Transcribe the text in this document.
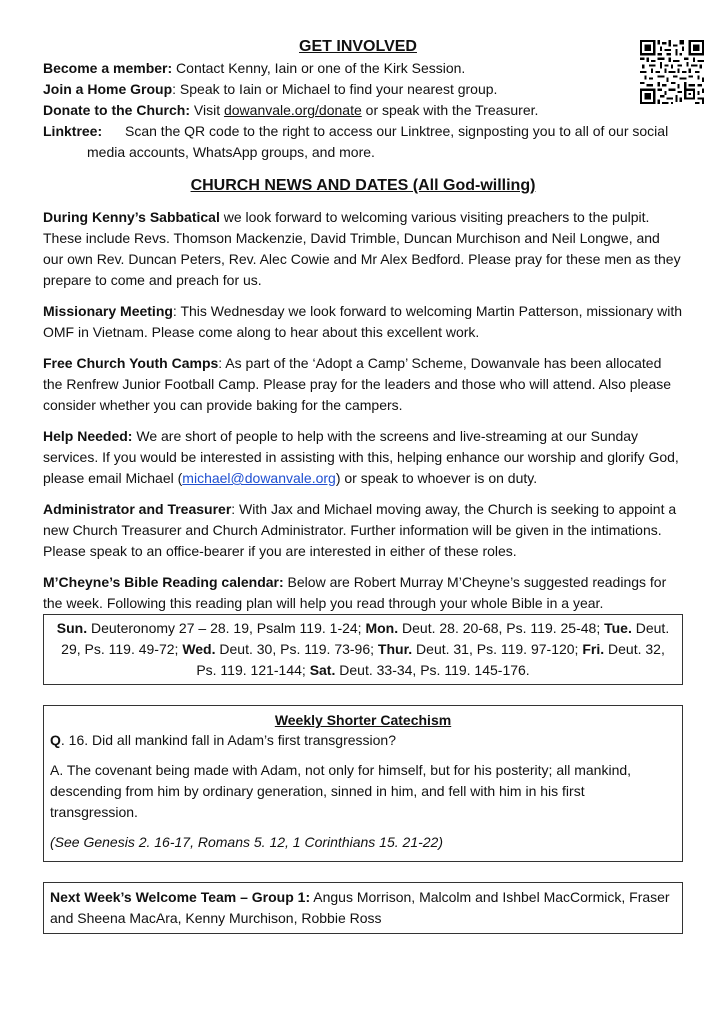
GET INVOLVED
Become a member: Contact Kenny, Iain or one of the Kirk Session.
Join a Home Group: Speak to Iain or Michael to find your nearest group.
Donate to the Church: Visit dowanvale.org/donate or speak with the Treasurer.
Linktree: Scan the QR code to the right to access our Linktree, signposting you to all of our social media accounts, WhatsApp groups, and more.
CHURCH NEWS AND DATES (All God-willing)

During Kenny’s Sabbatical we look forward to welcoming various visiting preachers to the pulpit. These include Revs. Thomson Mackenzie, David Trimble, Duncan Murchison and Neil Longwe, and our own Rev. Duncan Peters, Rev. Alec Cowie and Mr Alex Bedford. Please pray for these men as they prepare to come and preach for us.

Missionary Meeting: This Wednesday we look forward to welcoming Martin Patterson, missionary with OMF in Vietnam. Please come along to hear about this excellent work.

Free Church Youth Camps: As part of the ‘Adopt a Camp’ Scheme, Dowanvale has been allocated the Renfrew Junior Football Camp. Please pray for the leaders and those who will attend. Also please consider whether you can provide baking for the campers.

Help Needed: We are short of people to help with the screens and live-streaming at our Sunday services. If you would be interested in assisting with this, helping enhance our worship and glorify God, please email Michael (michael@dowanvale.org) or speak to whoever is on duty.

Administrator and Treasurer: With Jax and Michael moving away, the Church is seeking to appoint a new Church Treasurer and Church Administrator. Further information will be given in the intimations. Please speak to an office-bearer if you are interested in either of these roles.

M’Cheyne’s Bible Reading calendar: Below are Robert Murray M’Cheyne’s suggested readings for the week. Following this reading plan will help you read through your whole Bible in a year.

Sun. Deuteronomy 27 – 28. 19, Psalm 119. 1-24; Mon. Deut. 28. 20-68, Ps. 119. 25-48; Tue. Deut. 29, Ps. 119. 49-72; Wed. Deut. 30, Ps. 119. 73-96; Thur. Deut. 31, Ps. 119. 97-120; Fri. Deut. 32, Ps. 119. 121-144; Sat. Deut. 33-34, Ps. 119. 145-176.
Weekly Shorter Catechism

Q. 16. Did all mankind fall in Adam’s first transgression?

A. The covenant being made with Adam, not only for himself, but for his posterity; all mankind, descending from him by ordinary generation, sinned in him, and fell with him in his first transgression.

(See Genesis 2. 16-17, Romans 5. 12, 1 Corinthians 15. 21-22)

Next Week’s Welcome Team – Group 1: Angus Morrison, Malcolm and Ishbel MacCormick, Fraser and Sheena MacAra, Kenny Murchison, Robbie Ross
